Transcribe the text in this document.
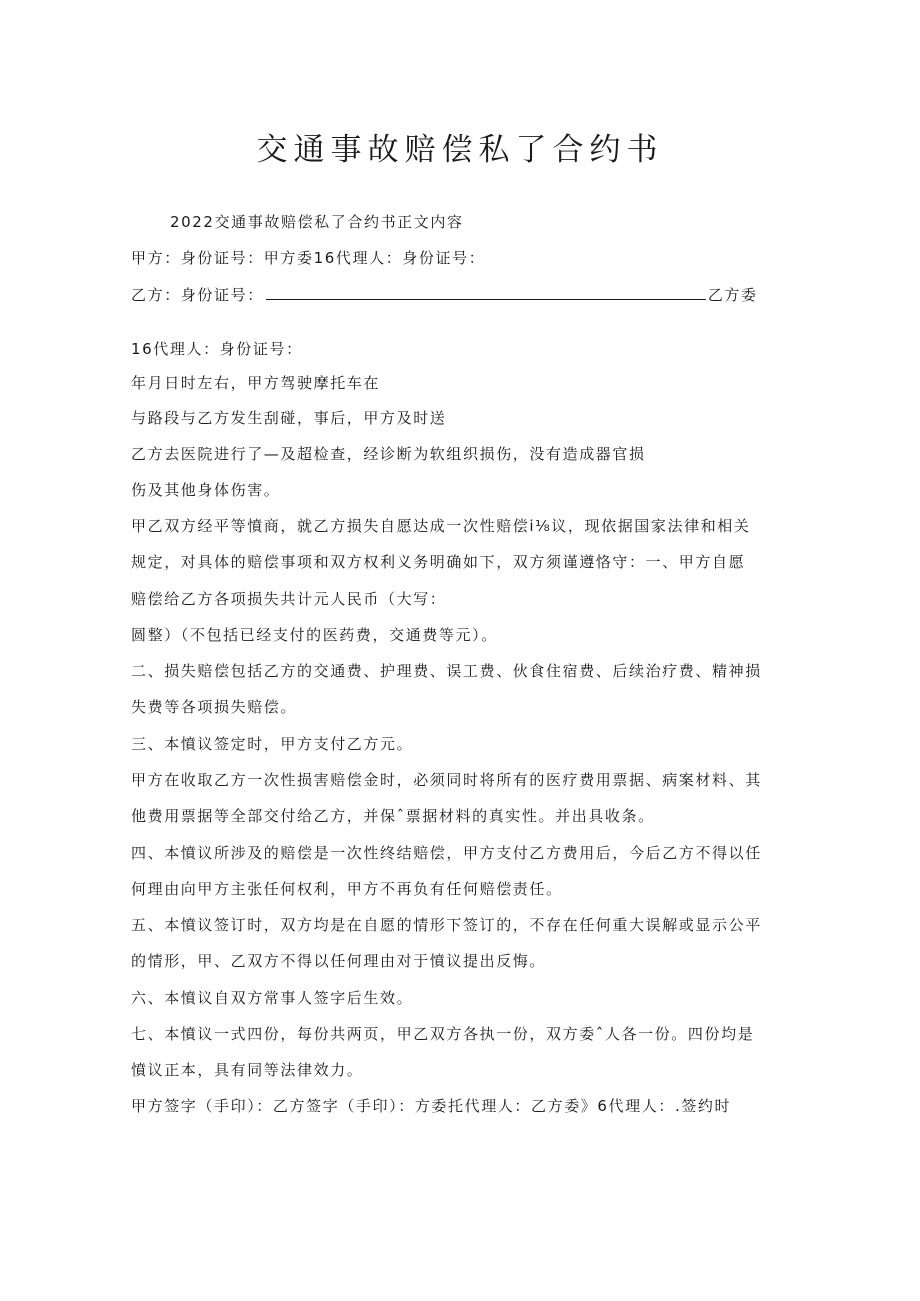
交通事故赔偿私了合约书

2022交通事故赔偿私了合约书正文内容

甲方：身份证号：甲方委16代理人：身份证号：

乙方：身份证号：	乙方委

16代理人：身份证号：

年月日时左右，甲方驾驶摩托车在

与路段与乙方发生刮碰，事后，甲方及时送

乙方去医院进行了—及超检查，经诊断为软组织损伤，没有造成器官损

伤及其他身体伤害。

甲乙双方经平等憤商，就乙方损失自愿达成一次性赔偿i⅛议，现依据国家法律和相关

规定，对具体的赔偿事项和双方权利义务明确如下，双方须谨遵恪守：一、甲方自愿

赔偿给乙方各项损失共计元人民币（大写：

圆整）（不包括已经支付的医药费，交通费等元）。

二、损失赔偿包括乙方的交通费、护理费、误工费、伙食住宿费、后续治疗费、精神损

失费等各项损失赔偿。

三、本憤议签定时，甲方支付乙方元。

甲方在收取乙方一次性损害赔偿金时，必须同时将所有的医疗费用票据、病案材料、其

他费用票据等全部交付给乙方，并保ˆ票据材料的真实性。并出具收条。

四、本憤议所涉及的赔偿是一次性终结赔偿，甲方支付乙方费用后，今后乙方不得以任

何理由向甲方主张任何权利，甲方不再负有任何赔偿责任。

五、本憤议签订时，双方均是在自愿的情形下签订的，不存在任何重大误解或显示公平

的情形，甲、乙双方不得以任何理由对于憤议提出反悔。

六、本憤议自双方常事人签字后生效。

七、本憤议一式四份，每份共两页，甲乙双方各执一份，双方委ˆ人各一份。四份均是

憤议正本，具有同等法律效力。

甲方签字（手印）：乙方签字（手印）：方委托代理人：乙方委》6代理人：.签约时
